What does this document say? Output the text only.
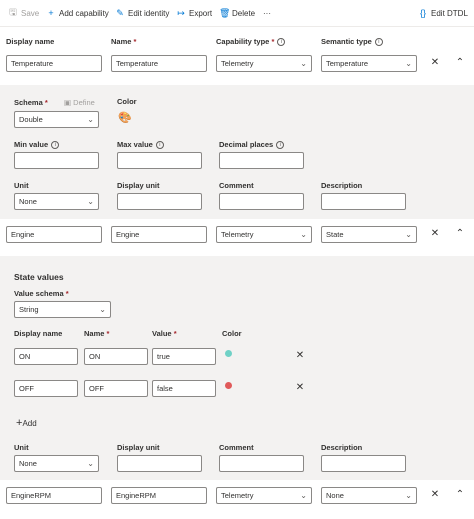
🖫 Save + Add capability ✎ Edit identity ↦ Export 🗑 Delete ···	{} Edit DTDL
Display name	Name *	Capability type * i	Semantic type i
Temperature	Temperature	Telemetry	⌄	Temperature	⌄ ✕ ⌃
Schema * ▣ Define	Color
Double	⌄ 🎨
Min value i	Max value i	Decimal places i
Unit	Display unit	Comment	Description
None	⌄
Engine	Engine	Telemetry	⌄	State	⌄ ✕ ⌃
State values
Value schema *
String	⌄
Display name	Name *	Value *	Color
ON	ON	true	✕
OFF	OFF	false	✕
+Add
Unit	Display unit	Comment	Description
None	⌄
EngineRPM	EngineRPM	Telemetry	⌄	None	⌄ ✕ ⌃
